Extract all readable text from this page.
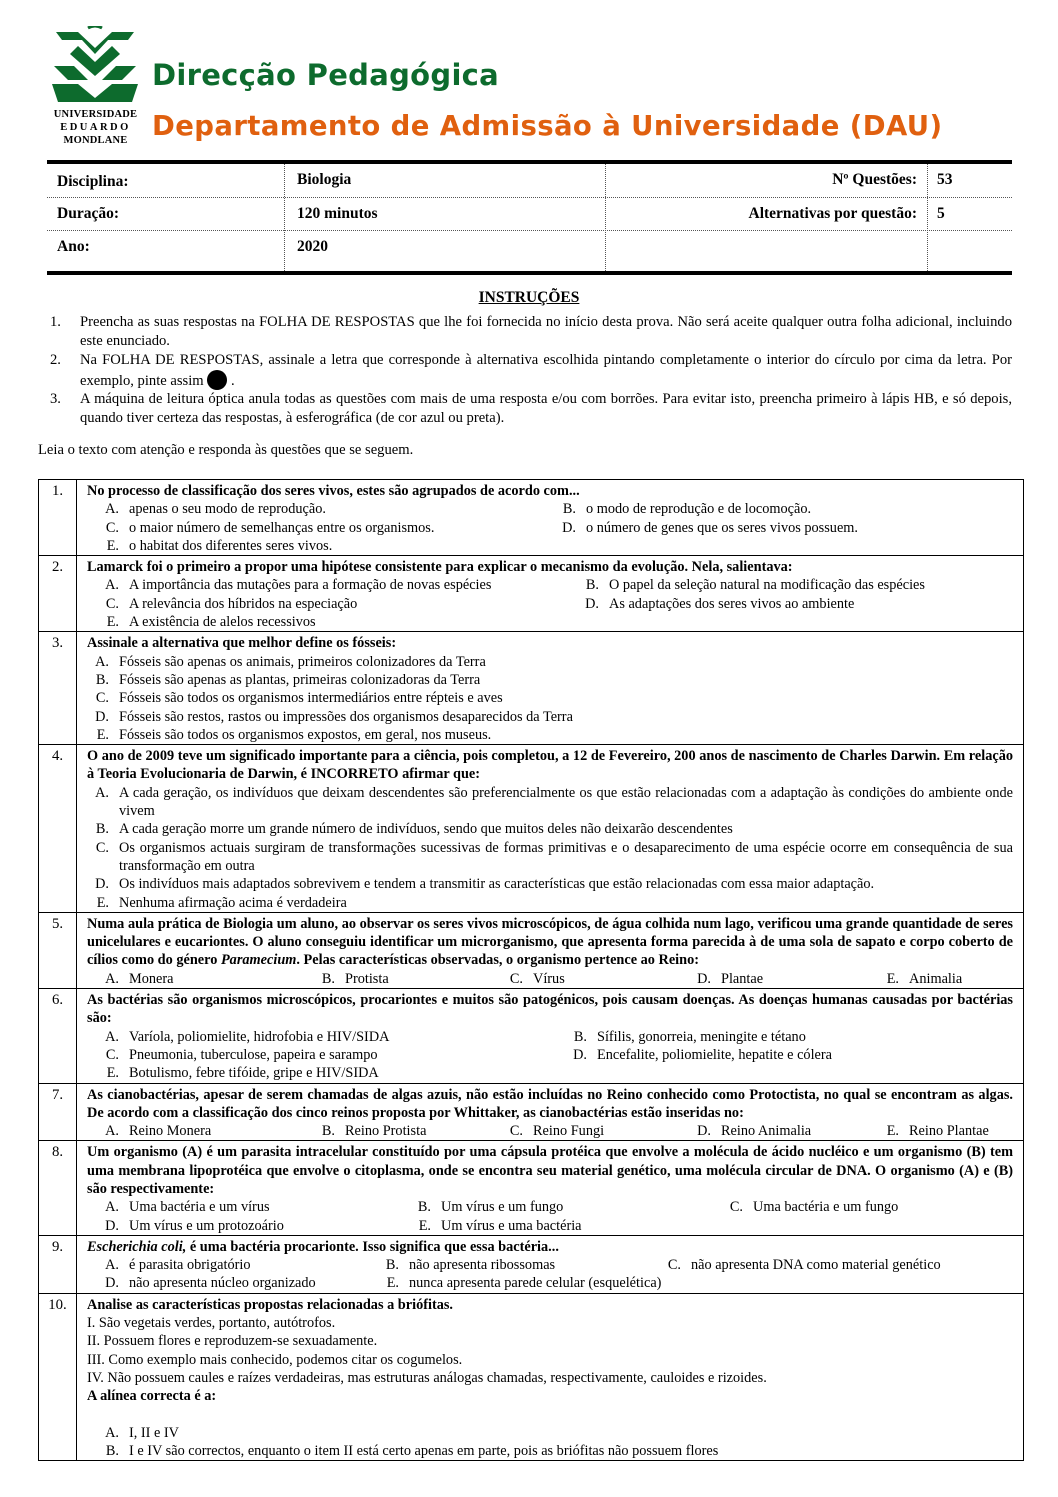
UNIVERSIDADE
EDUARDO
MONDLANE
Direcção Pedagógica
Departamento de Admissão à Universidade (DAU)
Disciplina:	Biologia	Nº Questões: 53
Duração:	120 minutos	Alternativas por questão: 5
Ano:	2020
INSTRUÇÕES
1. Preencha as suas respostas na FOLHA DE RESPOSTAS que lhe foi fornecida no início desta prova. Não será aceite qualquer outra folha adicional, incluindo este enunciado.
2. Na FOLHA DE RESPOSTAS, assinale a letra que corresponde à alternativa escolhida pintando completamente o interior do círculo por cima da letra. Por exemplo, pinte assim .
3. A máquina de leitura óptica anula todas as questões com mais de uma resposta e/ou com borrões. Para evitar isto, preencha primeiro à lápis HB, e só depois, quando tiver certeza das respostas, à esferográfica (de cor azul ou preta).
Leia o texto com atenção e responda às questões que se seguem.
1.	No processo de classificação dos seres vivos, estes são agrupados de acordo com...
A. apenas o seu modo de reprodução.	B. o modo de reprodução e de locomoção.
C. o maior número de semelhanças entre os organismos.	D. o número de genes que os seres vivos possuem.
E. o habitat dos diferentes seres vivos.
2.	Lamarck foi o primeiro a propor uma hipótese consistente para explicar o mecanismo da evolução. Nela, salientava:
A. A importância das mutações para a formação de novas espécies	B. O papel da seleção natural na modificação das espécies
C. A relevância dos híbridos na especiação	D. As adaptações dos seres vivos ao ambiente
E. A existência de alelos recessivos
3.	Assinale a alternativa que melhor define os fósseis:
A. Fósseis são apenas os animais, primeiros colonizadores da Terra
B. Fósseis são apenas as plantas, primeiras colonizadoras da Terra
C. Fósseis são todos os organismos intermediários entre répteis e aves
D. Fósseis são restos, rastos ou impressões dos organismos desaparecidos da Terra
E. Fósseis são todos os organismos expostos, em geral, nos museus.
4.	O ano de 2009 teve um significado importante para a ciência, pois completou, a 12 de Fevereiro, 200 anos de nascimento de Charles Darwin. Em relação à Teoria Evolucionaria de Darwin, é INCORRETO afirmar que:
A. A cada geração, os indivíduos que deixam descendentes são preferencialmente os que estão relacionadas com a adaptação às condições do ambiente onde vivem
B. A cada geração morre um grande número de indivíduos, sendo que muitos deles não deixarão descendentes
C. Os organismos actuais surgiram de transformações sucessivas de formas primitivas e o desaparecimento de uma espécie ocorre em consequência de sua transformação em outra
D. Os indivíduos mais adaptados sobrevivem e tendem a transmitir as características que estão relacionadas com essa maior adaptação.
E. Nenhuma afirmação acima é verdadeira
5.	Numa aula prática de Biologia um aluno, ao observar os seres vivos microscópicos, de água colhida num lago, verificou uma grande quantidade de seres unicelulares e eucariontes. O aluno conseguiu identificar um microrganismo, que apresenta forma parecida à de uma sola de sapato e corpo coberto de cílios como do género Paramecium. Pelas características observadas, o organismo pertence ao Reino:
A. Monera	B. Protista	C. Vírus	D. Plantae	E. Animalia
6.	As bactérias são organismos microscópicos, procariontes e muitos são patogénicos, pois causam doenças. As doenças humanas causadas por bactérias são:
A. Varíola, poliomielite, hidrofobia e HIV/SIDA	B. Sífilis, gonorreia, meningite e tétano
C. Pneumonia, tuberculose, papeira e sarampo	D. Encefalite, poliomielite, hepatite e cólera
E. Botulismo, febre tifóide, gripe e HIV/SIDA
7.	As cianobactérias, apesar de serem chamadas de algas azuis, não estão incluídas no Reino conhecido como Protoctista, no qual se encontram as algas. De acordo com a classificação dos cinco reinos proposta por Whittaker, as cianobactérias estão inseridas no:
A. Reino Monera	B. Reino Protista	C. Reino Fungi	D. Reino Animalia	E. Reino Plantae
8.	Um organismo (A) é um parasita intracelular constituído por uma cápsula protéica que envolve a molécula de ácido nucléico e um organismo (B) tem uma membrana lipoprotéica que envolve o citoplasma, onde se encontra seu material genético, uma molécula circular de DNA. O organismo (A) e (B) são respectivamente:
A. Uma bactéria e um vírus	B. Um vírus e um fungo	C. Uma bactéria e um fungo
D. Um vírus e um protozoário	E. Um vírus e uma bactéria
9.	Escherichia coli, é uma bactéria procarionte. Isso significa que essa bactéria...
A. é parasita obrigatório	B. não apresenta ribossomas	C. não apresenta DNA como material genético
D. não apresenta núcleo organizado	E. nunca apresenta parede celular (esquelética)
10.	Analise as características propostas relacionadas a briófitas.
I. São vegetais verdes, portanto, autótrofos.
II. Possuem flores e reproduzem-se sexuadamente.
III. Como exemplo mais conhecido, podemos citar os cogumelos.
IV. Não possuem caules e raízes verdadeiras, mas estruturas análogas chamadas, respectivamente, cauloides e rizoides.
A alínea correcta é a:
A. I, II e IV
B. I e IV são correctos, enquanto o item II está certo apenas em parte, pois as briófitas não possuem flores
